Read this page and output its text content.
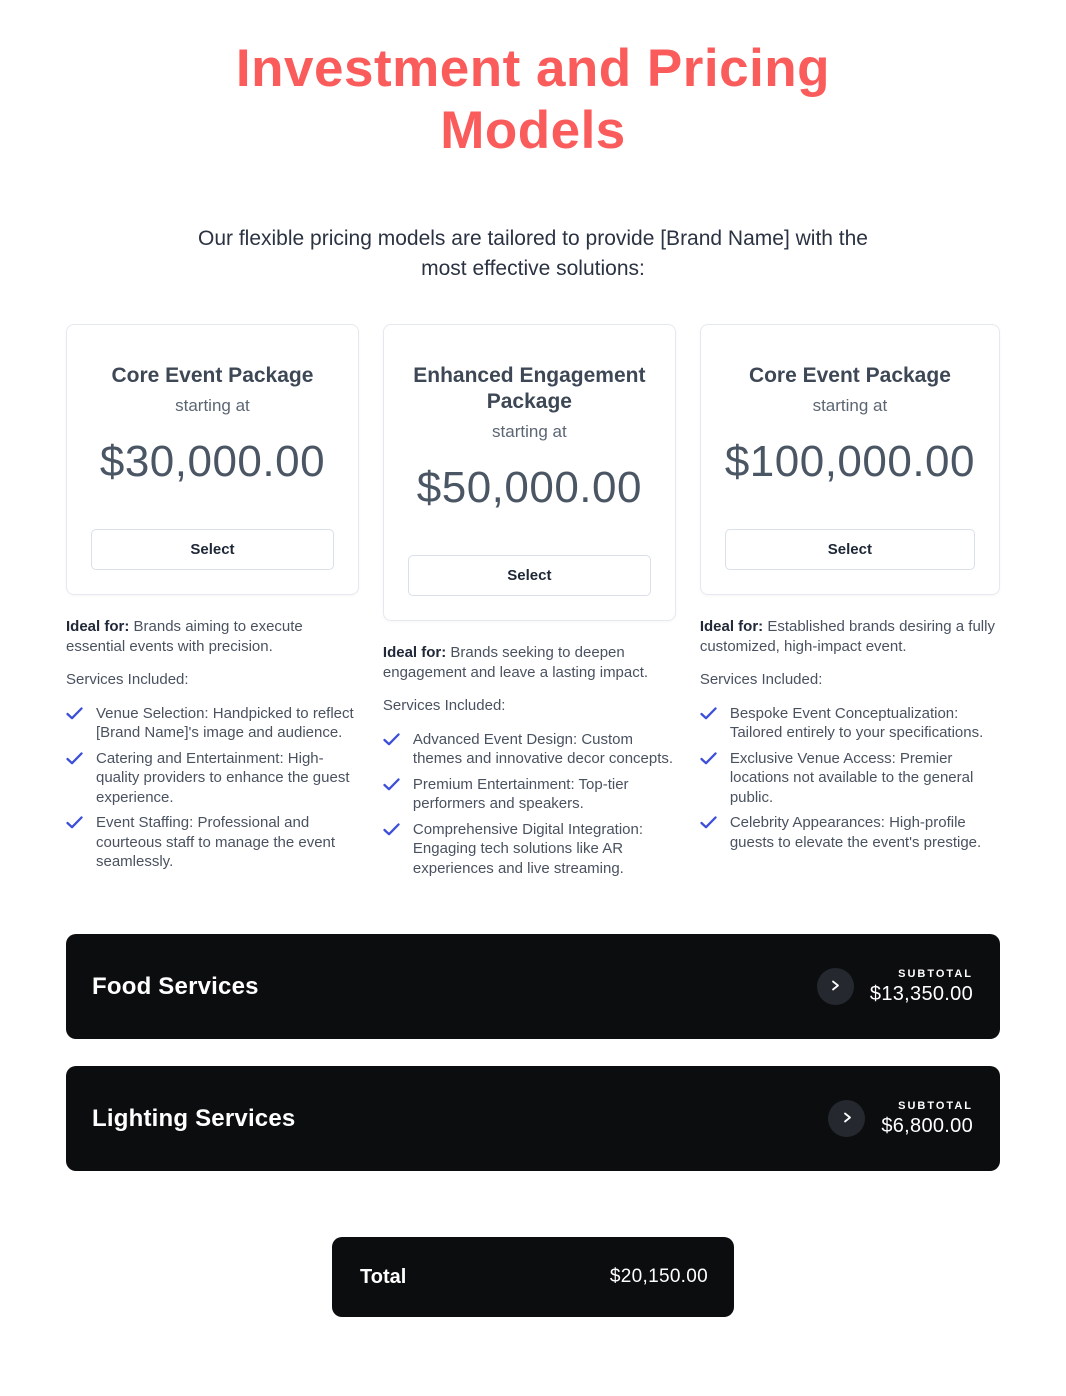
Investment and Pricing Models

Our flexible pricing models are tailored to provide [Brand Name] with the most effective solutions:

Core Event Package
starting at
$30,000.00
Select

Ideal for: Brands aiming to execute essential events with precision.

Services Included:

Venue Selection: Handpicked to reflect [Brand Name]'s image and audience.
Catering and Entertainment: High-quality providers to enhance the guest experience.
Event Staffing: Professional and courteous staff to manage the event seamlessly.
Enhanced Engagement Package
starting at
$50,000.00
Select

Ideal for: Brands seeking to deepen engagement and leave a lasting impact.

Services Included:

Advanced Event Design: Custom themes and innovative decor concepts.
Premium Entertainment: Top-tier performers and speakers.
Comprehensive Digital Integration: Engaging tech solutions like AR experiences and live streaming.
Core Event Package
starting at
$100,000.00
Select

Ideal for: Established brands desiring a fully customized, high-impact event.

Services Included:

Bespoke Event Conceptualization: Tailored entirely to your specifications.
Exclusive Venue Access: Premier locations not available to the general public.
Celebrity Appearances: High-profile guests to elevate the event's prestige.
Food Services	SUBTOTAL
$13,350.00
Lighting Services	SUBTOTAL
$6,800.00
Total	$20,150.00
